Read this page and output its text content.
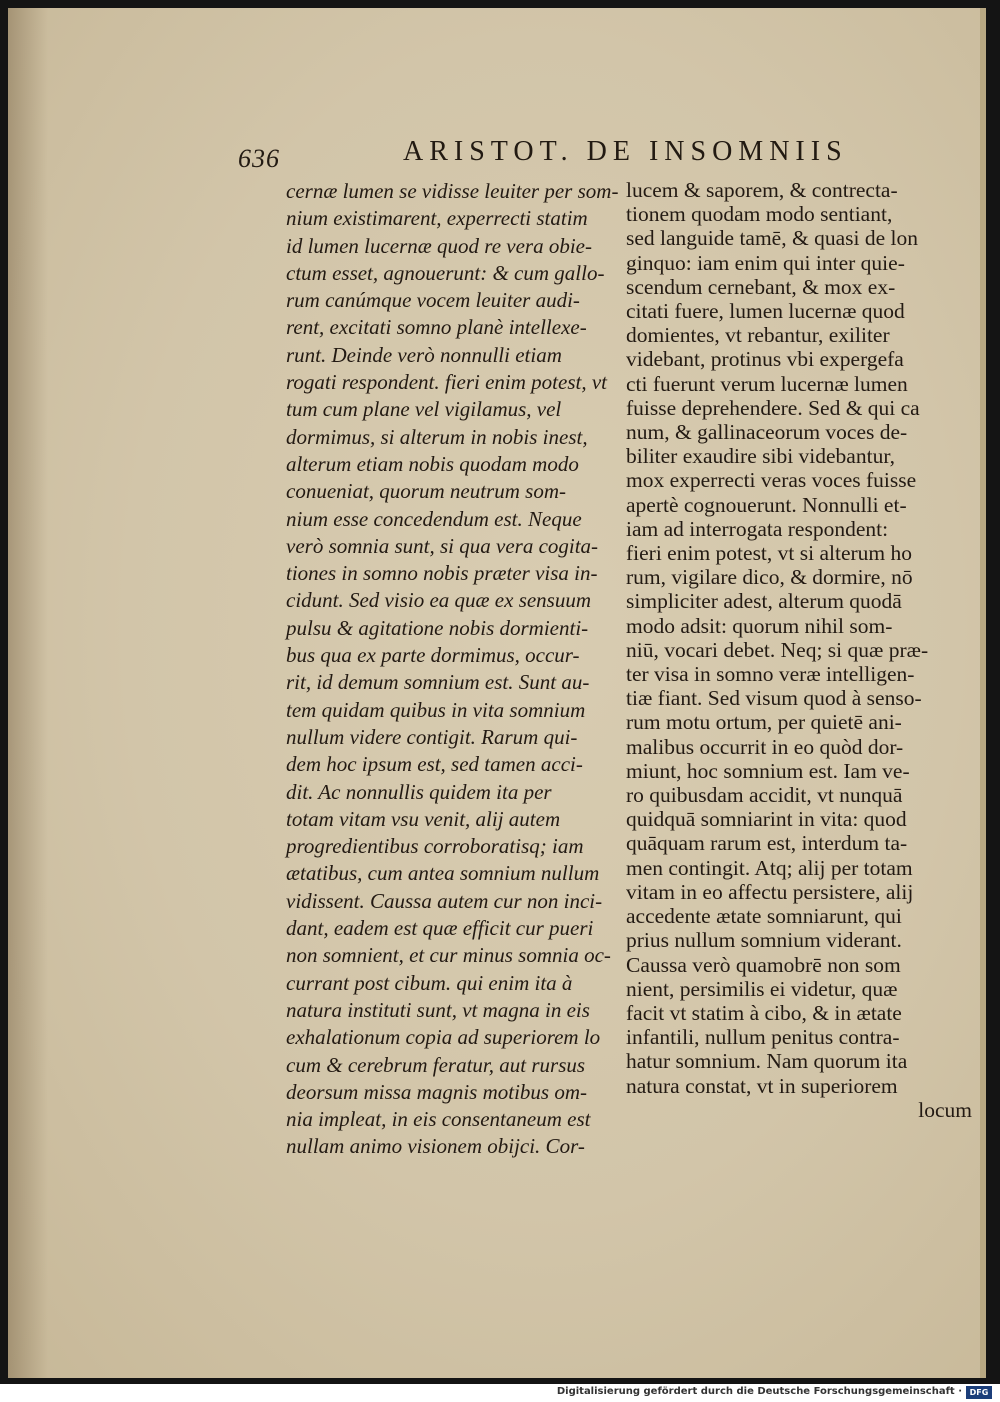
636	ARISTOT. DE INSOMNIIS
cernæ lumen se vidisse leuiter per som-
nium existimarent, experrecti statim
id lumen lucernæ quod re vera obie-
ctum esset, agnouerunt: & cum gallo-
rum canúmque vocem leuiter audi-
rent, excitati somno planè intellexe-
runt. Deinde verò nonnulli etiam
rogati respondent. fieri enim potest, vt
tum cum plane vel vigilamus, vel
dormimus, si alterum in nobis inest,
alterum etiam nobis quodam modo
conueniat, quorum neutrum som-
nium esse concedendum est. Neque
verò somnia sunt, si qua vera cogita-
tiones in somno nobis præter visa in-
cidunt. Sed visio ea quæ ex sensuum
pulsu & agitatione nobis dormienti-
bus qua ex parte dormimus, occur-
rit, id demum somnium est. Sunt au-
tem quidam quibus in vita somnium
nullum videre contigit. Rarum qui-
dem hoc ipsum est, sed tamen acci-
dit. Ac nonnullis quidem ita per
totam vitam vsu venit, alij autem
progredientibus corroboratisq; iam
ætatibus, cum antea somnium nullum
vidissent. Caussa autem cur non inci-
dant, eadem est quæ efficit cur pueri
non somnient, et cur minus somnia oc-
currant post cibum. qui enim ita à
natura instituti sunt, vt magna in eis
exhalationum copia ad superiorem lo
cum & cerebrum feratur, aut rursus
deorsum missa magnis motibus om-
nia impleat, in eis consentaneum est
nullam animo visionem obijci. Cor-
lucem & saporem, & contrecta-
tionem quodam modo sentiant,
sed languide tamē, & quasi de lon
ginquo: iam enim qui inter quie-
scendum cernebant, & mox ex-
citati fuere, lumen lucernæ quod
domientes, vt rebantur, exiliter
videbant, protinus vbi expergefa
cti fuerunt verum lucernæ lumen
fuisse deprehendere. Sed & qui ca
num, & gallinaceorum voces de-
biliter exaudire sibi videbantur,
mox experrecti veras voces fuisse
apertè cognouerunt. Nonnulli et-
iam ad interrogata respondent:
fieri enim potest, vt si alterum ho
rum, vigilare dico, & dormire, nō
simpliciter adest, alterum quodā
modo adsit: quorum nihil som-
niū, vocari debet. Neq; si quæ præ-
ter visa in somno veræ intelligen-
tiæ fiant. Sed visum quod à senso-
rum motu ortum, per quietē ani-
malibus occurrit in eo quòd dor-
miunt, hoc somnium est. Iam ve-
ro quibusdam accidit, vt nunquā
quidquā somniarint in vita: quod
quāquam rarum est, interdum ta-
men contingit. Atq; alij per totam
vitam in eo affectu persistere, alij
accedente ætate somniarunt, qui
prius nullum somnium viderant.
Caussa verò quamobrē non som
nient, persimilis ei videtur, quæ
facit vt statim à cibo, & in ætate
infantili, nullum penitus contra-
hatur somnium. Nam quorum ita
natura constat, vt in superiorem
locum
Digitalisierung gefördert durch die Deutsche Forschungsgemeinschaft · DFG
